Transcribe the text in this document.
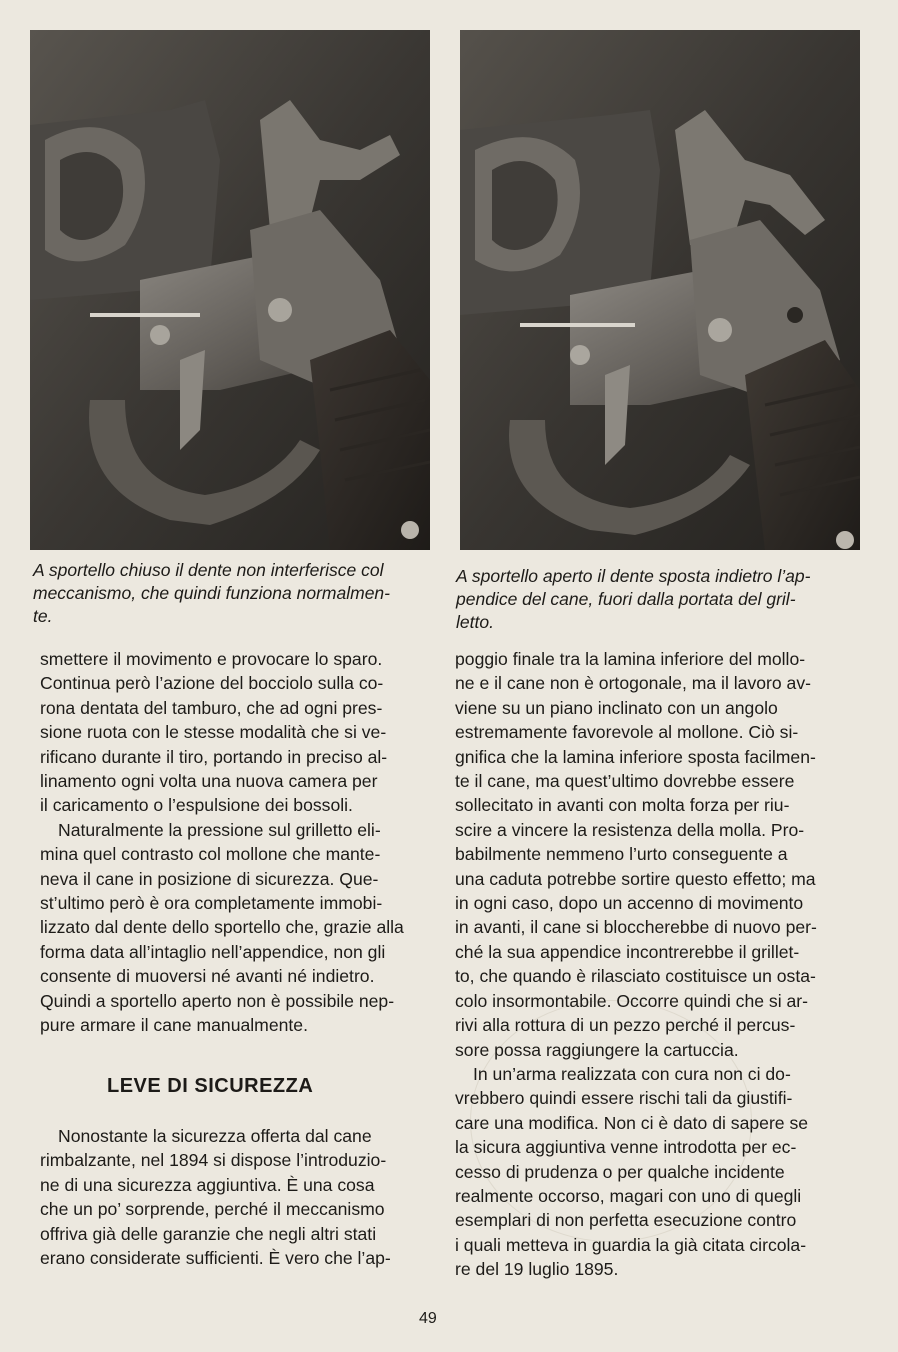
A sportello chiuso il dente non interferisce col
meccanismo, che quindi funziona normalmen-
te.
A sportello aperto il dente sposta indietro l’ap-
pendice del cane, fuori dalla portata del gril-
letto.
smettere il movimento e provocare lo sparo.
Continua però l’azione del bocciolo sulla co-
rona dentata del tamburo, che ad ogni pres-
sione ruota con le stesse modalità che si ve-
rificano durante il tiro, portando in preciso al-
linamento ogni volta una nuova camera per
il caricamento o l’espulsione dei bossoli.
Naturalmente la pressione sul grilletto eli-
mina quel contrasto col mollone che mante-
neva il cane in posizione di sicurezza. Que-
st’ultimo però è ora completamente immobi-
lizzato dal dente dello sportello che, grazie alla
forma data all’intaglio nell’appendice, non gli
consente di muoversi né avanti né indietro.
Quindi a sportello aperto non è possibile nep-
pure armare il cane manualmente.
LEVE DI SICUREZZA
Nonostante la sicurezza offerta dal cane
rimbalzante, nel 1894 si dispose l’introduzio-
ne di una sicurezza aggiuntiva. È una cosa
che un po’ sorprende, perché il meccanismo
offriva già delle garanzie che negli altri stati
erano considerate sufficienti. È vero che l’ap-
poggio finale tra la lamina inferiore del mollo-
ne e il cane non è ortogonale, ma il lavoro av-
viene su un piano inclinato con un angolo
estremamente favorevole al mollone. Ciò si-
gnifica che la lamina inferiore sposta facilmen-
te il cane, ma quest’ultimo dovrebbe essere
sollecitato in avanti con molta forza per riu-
scire a vincere la resistenza della molla. Pro-
babilmente nemmeno l’urto conseguente a
una caduta potrebbe sortire questo effetto; ma
in ogni caso, dopo un accenno di movimento
in avanti, il cane si bloccherebbe di nuovo per-
ché la sua appendice incontrerebbe il grillet-
to, che quando è rilasciato costituisce un osta-
colo insormontabile. Occorre quindi che si ar-
rivi alla rottura di un pezzo perché il percus-
sore possa raggiungere la cartuccia.
In un’arma realizzata con cura non ci do-
vrebbero quindi essere rischi tali da giustifi-
care una modifica. Non ci è dato di sapere se
la sicura aggiuntiva venne introdotta per ec-
cesso di prudenza o per qualche incidente
realmente occorso, magari con uno di quegli
esemplari di non perfetta esecuzione contro
i quali metteva in guardia la già citata circola-
re del 19 luglio 1895.
49
